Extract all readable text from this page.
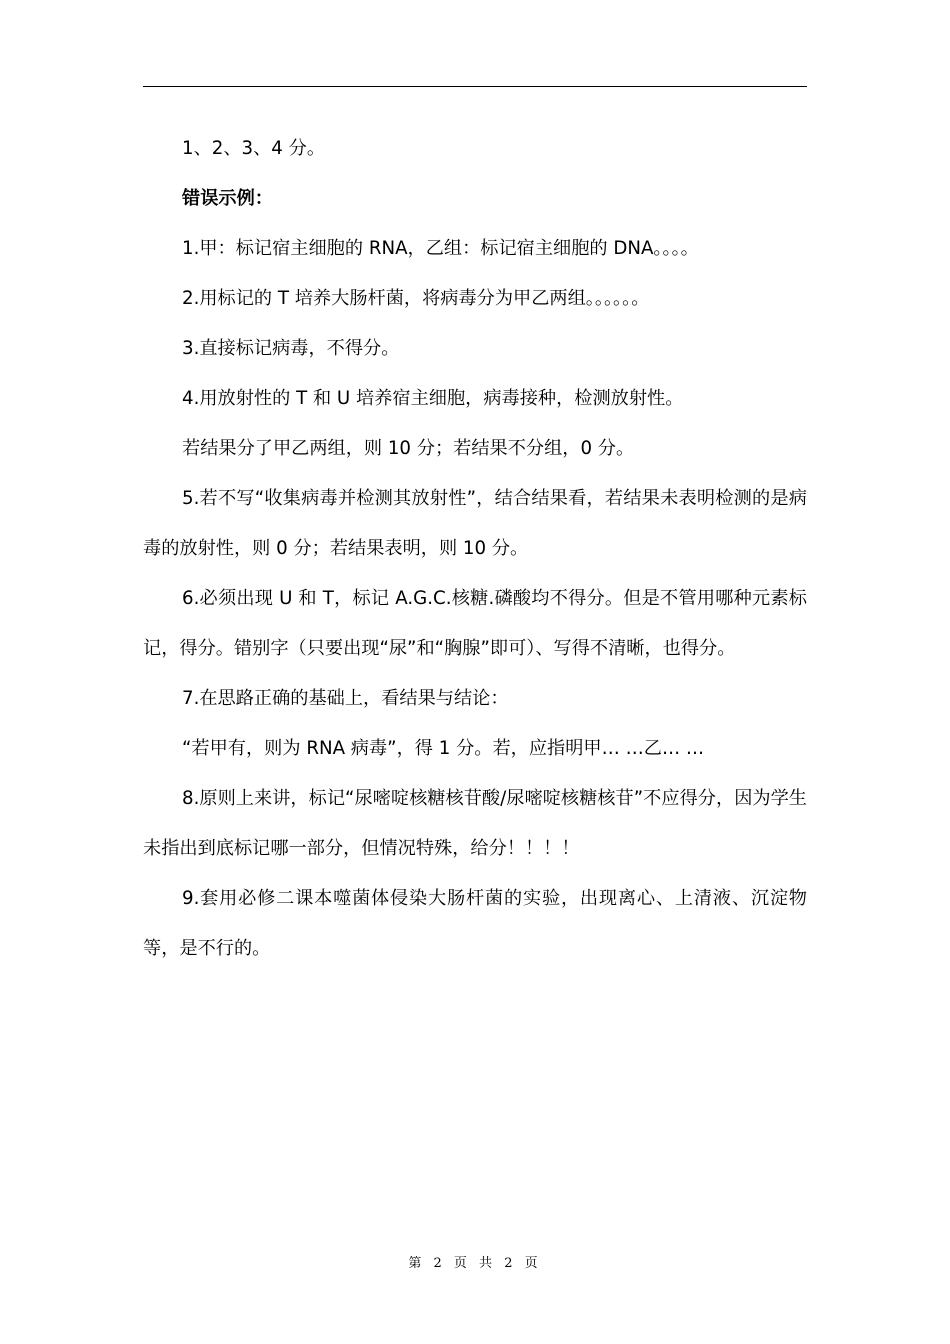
1、2、3、4 分。

错误示例：

1.甲：标记宿主细胞的 RNA，乙组：标记宿主细胞的 DNA。。。。

2.用标记的 T 培养大肠杆菌，将病毒分为甲乙两组。。。。。。

3.直接标记病毒，不得分。

4.用放射性的 T 和 U 培养宿主细胞，病毒接种，检测放射性。

若结果分了甲乙两组，则 10 分；若结果不分组，0 分。

5.若不写“收集病毒并检测其放射性”，结合结果看，若结果未表明检测的是病毒的放射性，则 0 分；若结果表明，则 10 分。

6.必须出现 U 和 T，标记 A.G.C.核糖.磷酸均不得分。但是不管用哪种元素标记，得分。错别字（只要出现“尿”和“胸腺”即可）、写得不清晰，也得分。

7.在思路正确的基础上，看结果与结论：

“若甲有，则为 RNA 病毒”，得 1 分。若，应指明甲… …乙… …

8.原则上来讲，标记“尿嘧啶核糖核苷酸/尿嘧啶核糖核苷”不应得分，因为学生未指出到底标记哪一部分，但情况特殊，给分！！！！

9.套用必修二课本噬菌体侵染大肠杆菌的实验，出现离心、上清液、沉淀物等，是不行的。

第 2 页 共 2 页
